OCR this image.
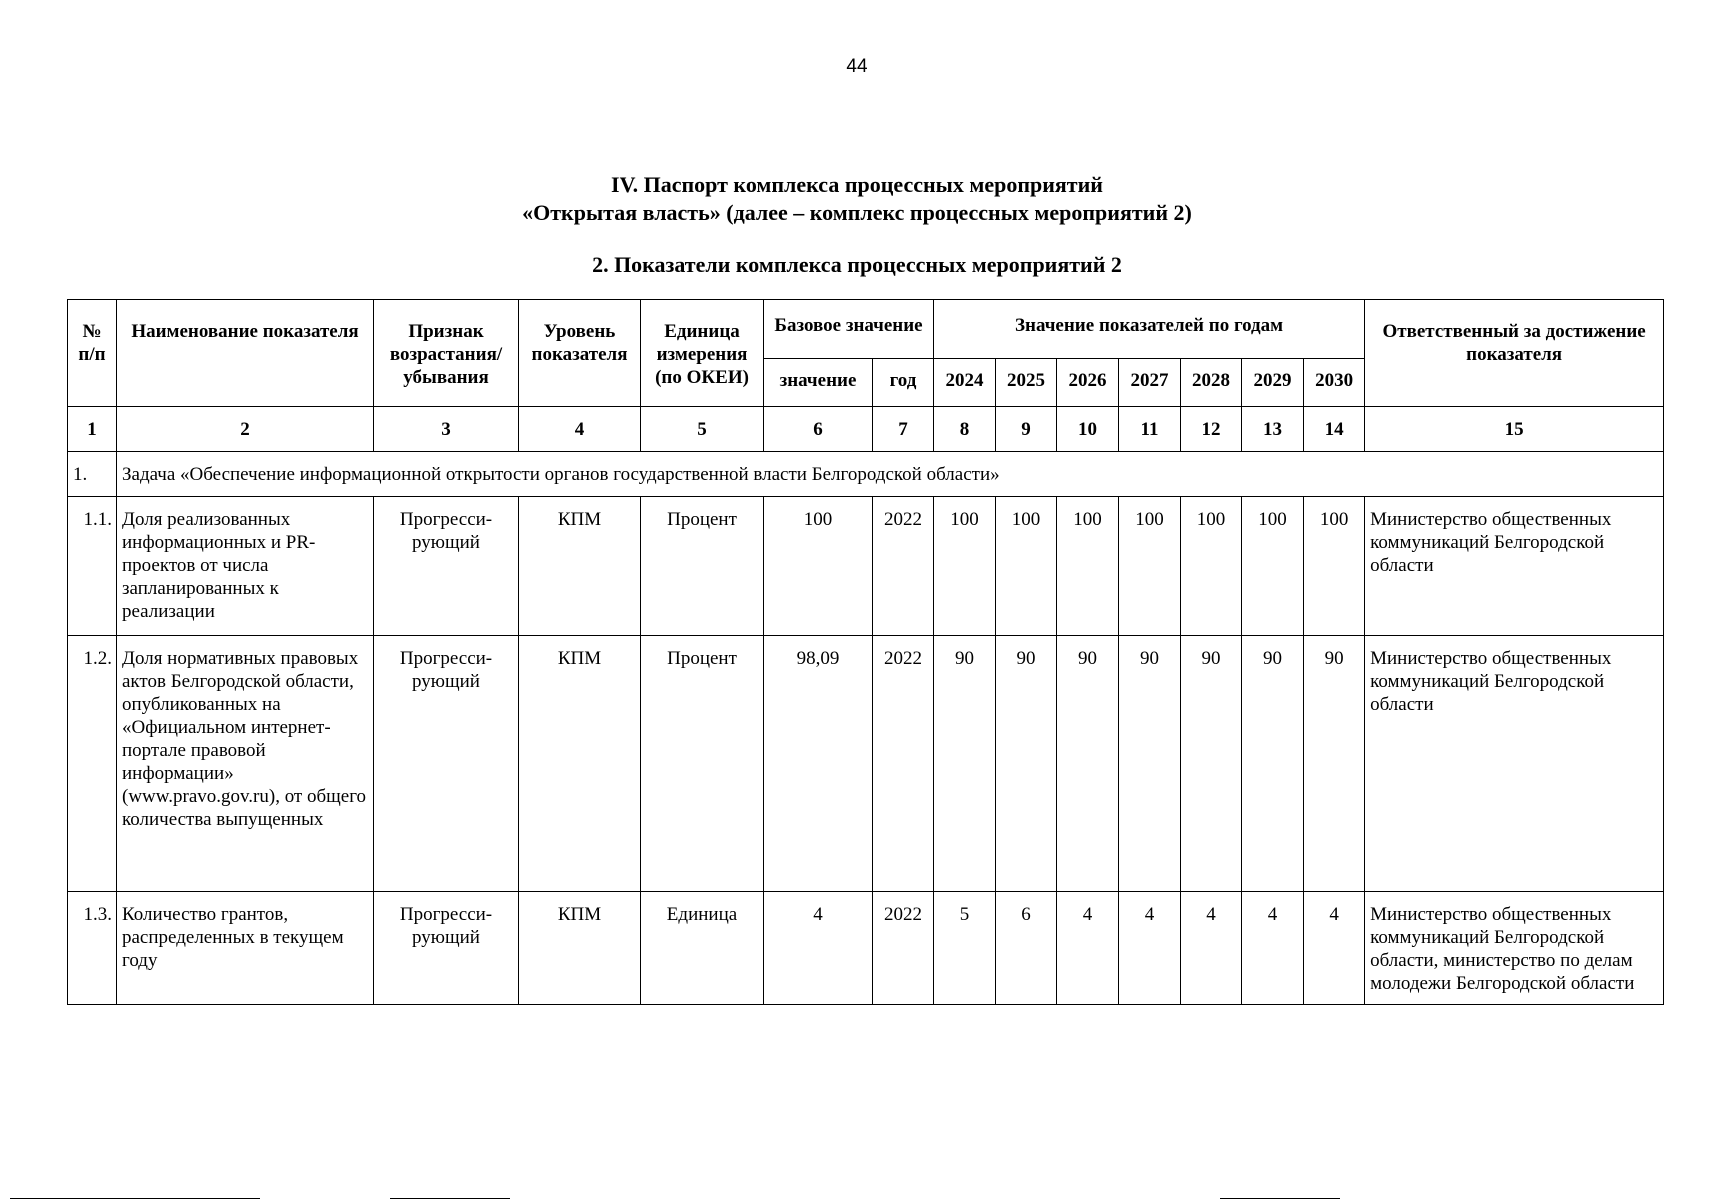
44
IV. Паспорт комплекса процессных мероприятий
«Открытая власть» (далее – комплекс процессных мероприятий 2)
2. Показатели комплекса процессных мероприятий 2
№ п/п	Наименование показателя	Признак возрастания/ убывания	Уровень показателя	Единица измерения (по ОКЕИ)	Базовое значение		Значение показателей по годам							Ответственный за достижение показателя
					значение	год	2024	2025	2026	2027	2028	2029	2030	
1	2	3	4	5	6	7	8	9	10	11	12	13	14	15
1.	Задача «Обеспечение информационной открытости органов государственной власти Белгородской области»													
1.1.	Доля реализованных информационных и PR-проектов от числа запланированных к реализации	Прогресси-рующий	КПМ	Процент	100	2022	100	100	100	100	100	100	100	Министерство общественных коммуникаций Белгородской области
1.2.	Доля нормативных правовых актов Белгородской области, опубликованных на «Официальном интернет-портале правовой информации» (www.pravo.gov.ru), от общего количества выпущенных	Прогресси-рующий	КПМ	Процент	98,09	2022	90	90	90	90	90	90	90	Министерство общественных коммуникаций Белгородской области
1.3.	Количество грантов, распределенных в текущем году	Прогресси-рующий	КПМ	Единица	4	2022	5	6	4	4	4	4	4	Министерство общественных коммуникаций Белгородской области, министерство по делам молодежи Белгородской области
